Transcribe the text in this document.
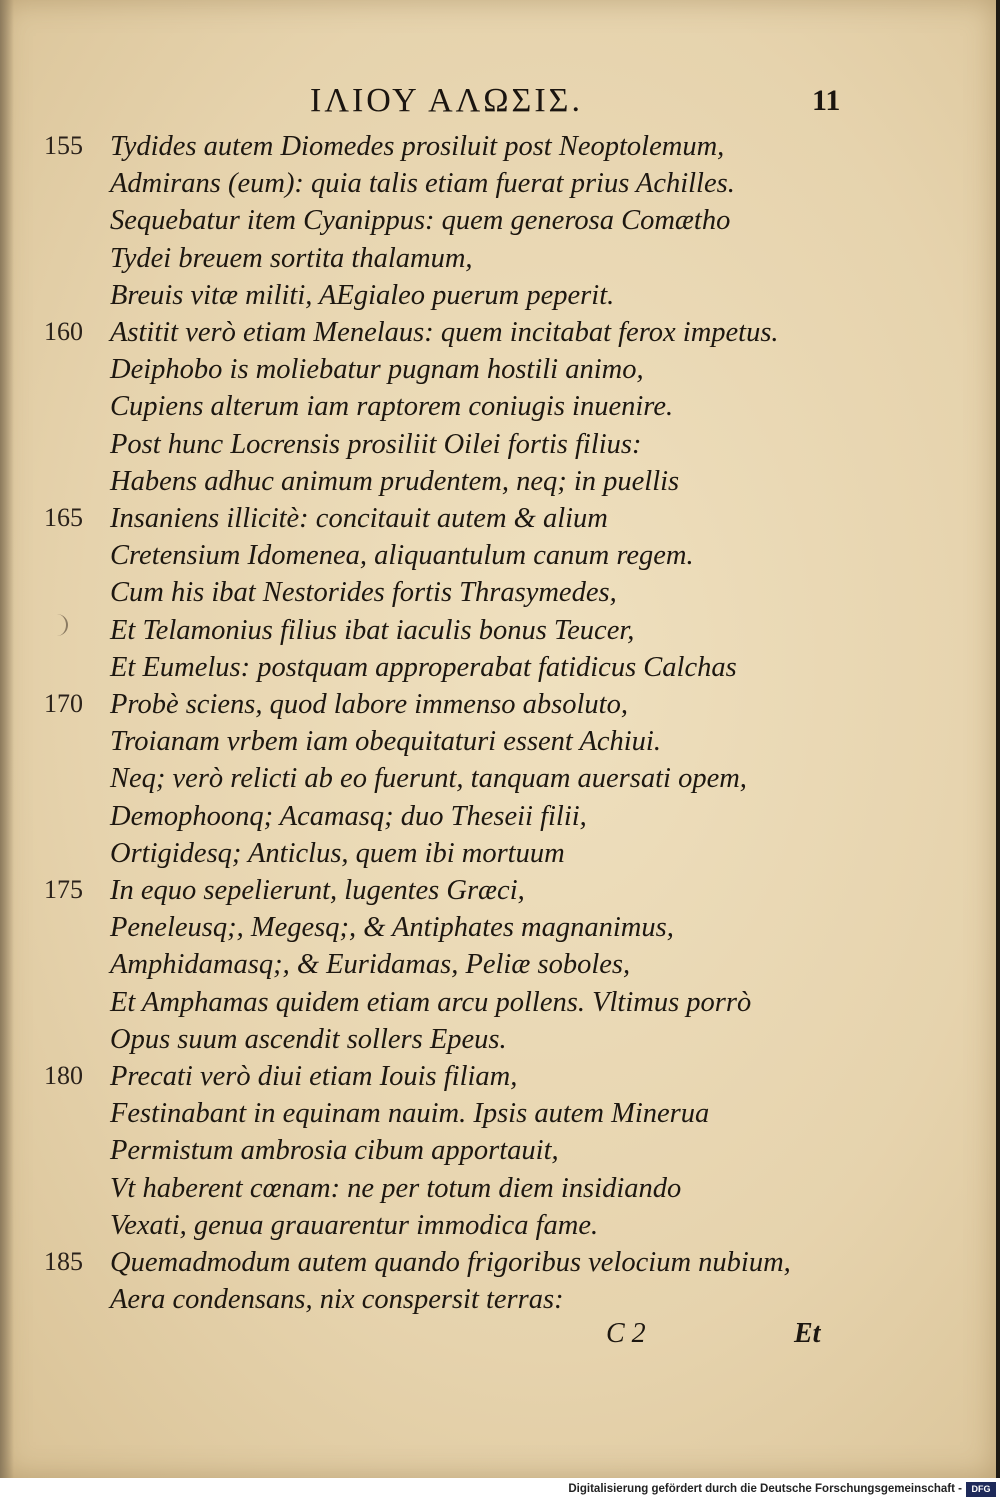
ΙΛΙΟΥ ΑΛΩΣΙΣ.	11
155
160
165
170
175
180
185
Tydides autem Diomedes prosiluit post Neoptolemum,
Admirans (eum): quia talis etiam fuerat prius Achilles.
Sequebatur item Cyanippus: quem generosa Comætho
Tydei breuem sortita thalamum,
Breuis vitæ militi, AEgialeo puerum peperit.
Astitit verò etiam Menelaus: quem incitabat ferox impetus.
Deiphobo is moliebatur pugnam hostili animo,
Cupiens alterum iam raptorem coniugis inuenire.
Post hunc Locrensis prosiliit Oilei fortis filius:
Habens adhuc animum prudentem, neq; in puellis
Insaniens illicitè: concitauit autem & alium
Cretensium Idomenea, aliquantulum canum regem.
Cum his ibat Nestorides fortis Thrasymedes,
Et Telamonius filius ibat iaculis bonus Teucer,
Et Eumelus: postquam approperabat fatidicus Calchas
Probè sciens, quod labore immenso absoluto,
Troianam vrbem iam obequitaturi essent Achiui.
Neq; verò relicti ab eo fuerunt, tanquam auersati opem,
Demophoonq; Acamasq; duo Theseii filii,
Ortigidesq; Anticlus, quem ibi mortuum
In equo sepelierunt, lugentes Græci,
Peneleusq;, Megesq;, & Antiphates magnanimus,
Amphidamasq;, & Euridamas, Peliæ soboles,
Et Amphamas quidem etiam arcu pollens. Vltimus porrò
Opus suum ascendit sollers Epeus.
Precati verò diui etiam Iouis filiam,
Festinabant in equinam nauim. Ipsis autem Minerua
Permistum ambrosia cibum apportauit,
Vt haberent cœnam: ne per totum diem insidiando
Vexati, genua grauarentur immodica fame.
Quemadmodum autem quando frigoribus velocium nubium,
Aera condensans, nix conspersit terras:
C 2	Et
Digitalisierung gefördert durch die Deutsche Forschungsgemeinschaft -	DFG
